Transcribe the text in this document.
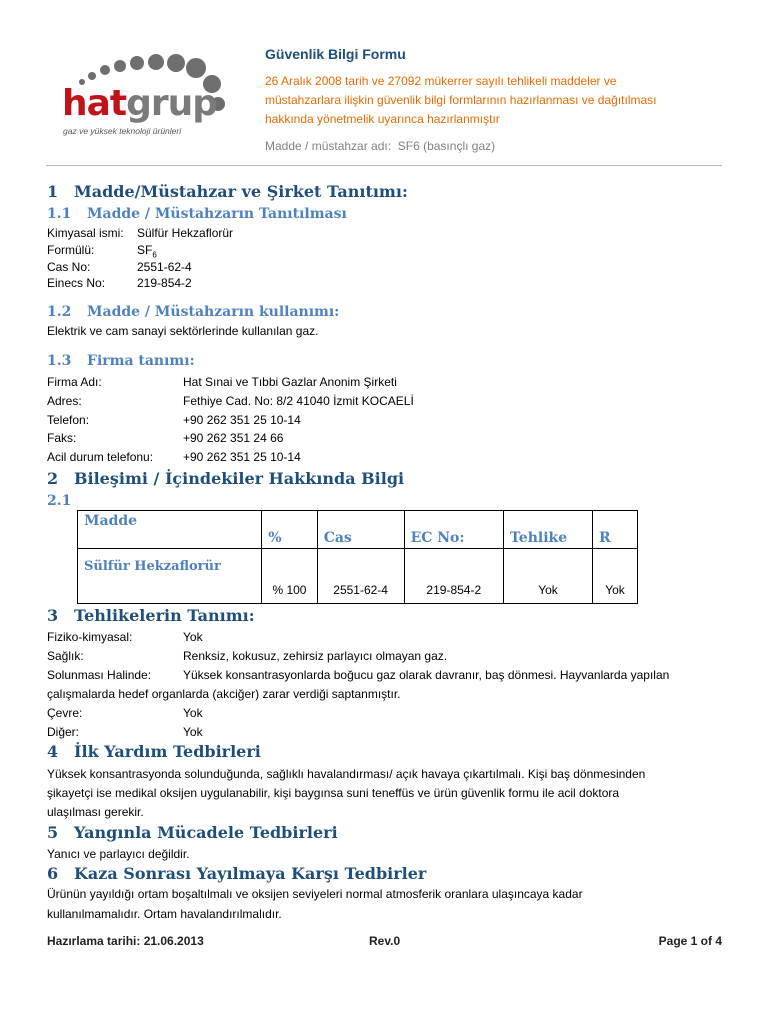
hatgrup
gaz ve yüksek teknoloji ürünleri
Güvenlik Bilgi Formu
26 Aralık 2008 tarih ve 27092 mükerrer sayılı tehlikeli maddeler ve
müstahzarlara ilişkin güvenlik bilgi formlarının hazırlanması ve dağıtılması
hakkında yönetmelik uyarınca hazırlanmıştır
Madde / müstahzar adı: SF6 (basınçlı gaz)
1 Madde/Müstahzar ve Şirket Tanıtımı:
1.1 Madde / Müstahzarın Tanıtılması
Kimyasal ismi: Sülfür Hekzaflorür
Formülü:	$SF_6$
Cas No:	2551-62-4
Einecs No:	219-854-2
1.2 Madde / Müstahzarın kullanımı:
Elektrik ve cam sanayi sektörlerinde kullanılan gaz.
1.3 Firma tanımı:
Firma Adı:	Hat Sınai ve Tıbbi Gazlar Anonim Şirketi
Adres:	Fethiye Cad. No: 8/2 41040 İzmit KOCAELİ
Telefon:	+90 262 351 25 10-14
Faks:	+90 262 351 24 66
Acil durum telefonu: +90 262 351 25 10-14
2 Bileşimi / İçindekiler Hakkında Bilgi
2.1
Madde	%	Cas	EC No:	Tehlike	R
Sülfür Hekzaflorür	% 100	2551-62-4	219-854-2	Yok	Yok
3 Tehlikelerin Tanımı:
Fiziko-kimyasal:	Yok
Sağlık:	Renksiz, kokusuz, zehirsiz parlayıcı olmayan gaz.
Solunması Halinde:	Yüksek konsantrasyonlarda boğucu gaz olarak davranır, baş dönmesi. Hayvanlarda yapılan
çalışmalarda hedef organlarda (akciğer) zarar verdiği saptanmıştır.
Çevre:	Yok
Diğer:	Yok
4 İlk Yardım Tedbirleri
Yüksek konsantrasyonda solunduğunda, sağlıklı havalandırması/ açık havaya çıkartılmalı. Kişi baş dönmesinden
şikayetçi ise medikal oksijen uygulanabilir, kişi baygınsa suni teneffüs ve ürün güvenlik formu ile acil doktora
ulaşılması gerekir.
5 Yangınla Mücadele Tedbirleri
Yanıcı ve parlayıcı değildir.
6 Kaza Sonrası Yayılmaya Karşı Tedbirler
Ürünün yayıldığı ortam boşaltılmalı ve oksijen seviyeleri normal atmosferik oranlara ulaşıncaya kadar
kullanılmamalıdır. Ortam havalandırılmalıdır.
Hazırlama tarihi: 21.06.2013	Rev.0	Page 1 of 4
